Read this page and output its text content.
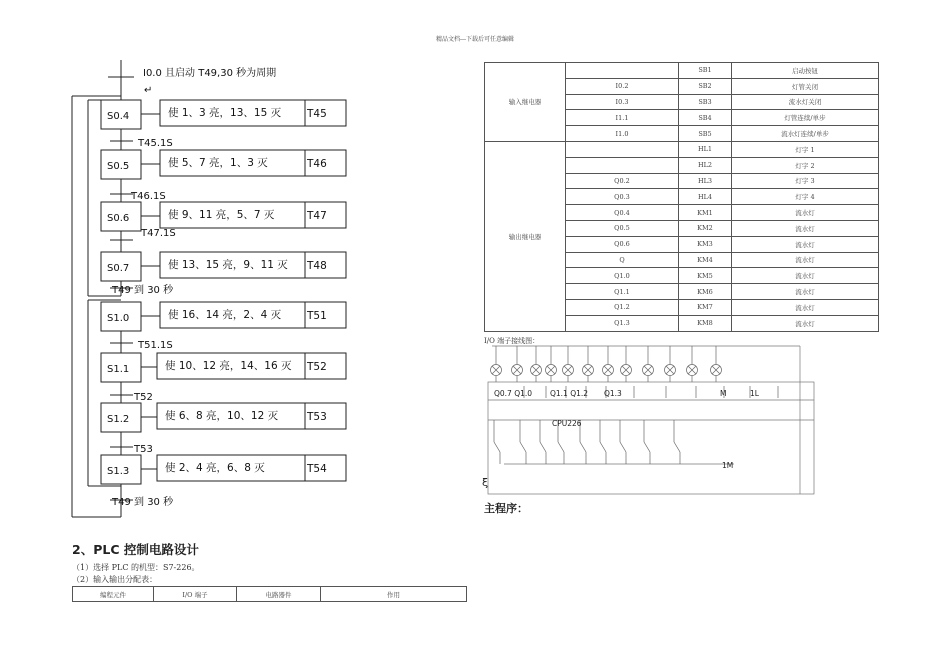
精品文档---下载后可任意编辑
S0.4	使 1、3 亮，13、15 灭 T45
T45.1S
S0.5	使 5、7 亮，1、3 灭	T46
T46.1S
S0.6	使 9、11 亮，5、7 灭	T47
T47.1S
S0.7	使 13、15 亮，9、11 灭 T48
T49 到 30 秒
S1.0	使 16、14 亮，2、4 灭 T51
T51.1S
S1.1	使 10、12 亮，14、16 灭 T52
T52
S1.2	使 6、8 亮，10、12 灭	T53
T53
S1.3	使 2、4 亮，6、8 灭	T54
T49 到 30 秒
I0.0 且启动 T49,30 秒为周期
↵
2、PLC 控制电路设计
（1）选择 PLC 的机型：S7-226。
（2）输入输出分配表：
编程元件	I/O 端子	电路器件	作用
输入继电器		SB1	启动按钮
	I0.2	SB2	灯管关闭
	I0.3	SB3	流水灯关闭
	I1.1	SB4	灯管连续/单步
	I1.0	SB5	流水灯连续/单步
输出继电器		HL1	灯字 1
		HL2	灯字 2
	Q0.2	HL3	灯字 3
	Q0.3	HL4	灯字 4
	Q0.4	KM1	流水灯
	Q0.5	KM2	流水灯
	Q0.6	KM3	流水灯
	Q	KM4	流水灯
	Q1.0	KM5	流水灯
	Q1.1	KM6	流水灯
	Q1.2	KM7	流水灯
	Q1.3	KM8	流水灯
I/O 端子接线图：
Q0.7 Q1.0 Q1.1 Q1.2 Q1.3	M	1L
CPU226
1M
ξ
主程序：
